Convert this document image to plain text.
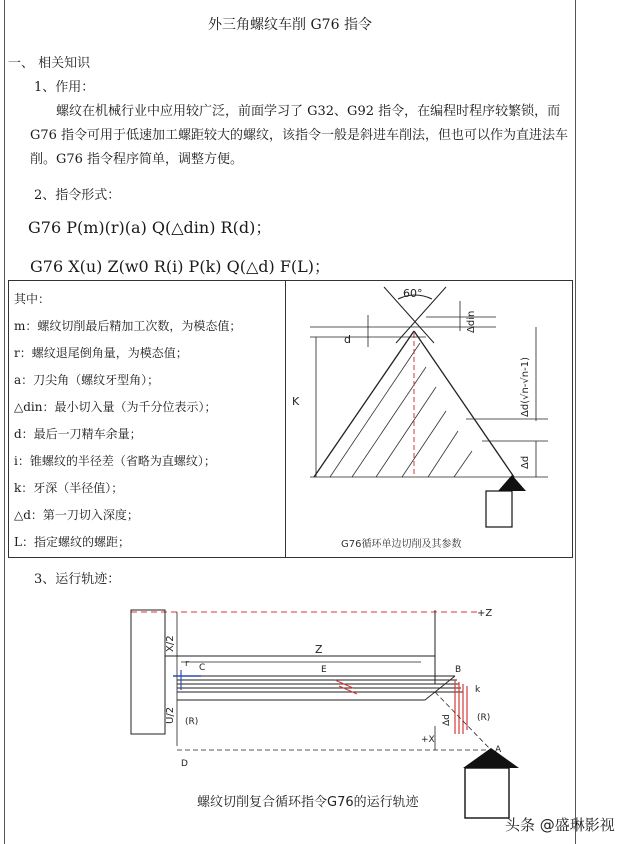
外三角螺纹车削 G76 指令
一、 相关知识
1、作用：
螺纹在机械行业中应用较广泛，前面学习了 G32、G92 指令，在编程时程序较繁锁，而 G76 指令可用于低速加工螺距较大的螺纹，该指令一般是斜进车削法，但也可以作为直进法车削。G76 指令程序简单，调整方便。
2、指令形式：
G76 P(m)(r)(a) Q(△din) R(d)；
G76 X(u) Z(w0 R(i) P(k) Q(△d) F(L)；
其中：
m：螺纹切削最后精加工次数，为模态值；
r：螺纹退尾倒角量，为模态值；
a：刀尖角（螺纹牙型角）；
△din：最小切入量（为千分位表示）；
d：最后一刀精车余量；
i：锥螺纹的半径差（省略为直螺纹）；
k：牙深（半径值）；
△d：第一刀切入深度；
L：指定螺纹的螺距；
60°
K
d
Δdin
Δd(√n-√n-1)
Δd
G76循环单边切削及其参数
3、运行轨迹：
+Z
X/2
U/2
Z
r C	E	B
k
Δd
(R)	(R)
+X
A
D
螺纹切削复合循环指令G76的运行轨迹
头条 @盛琳影视
